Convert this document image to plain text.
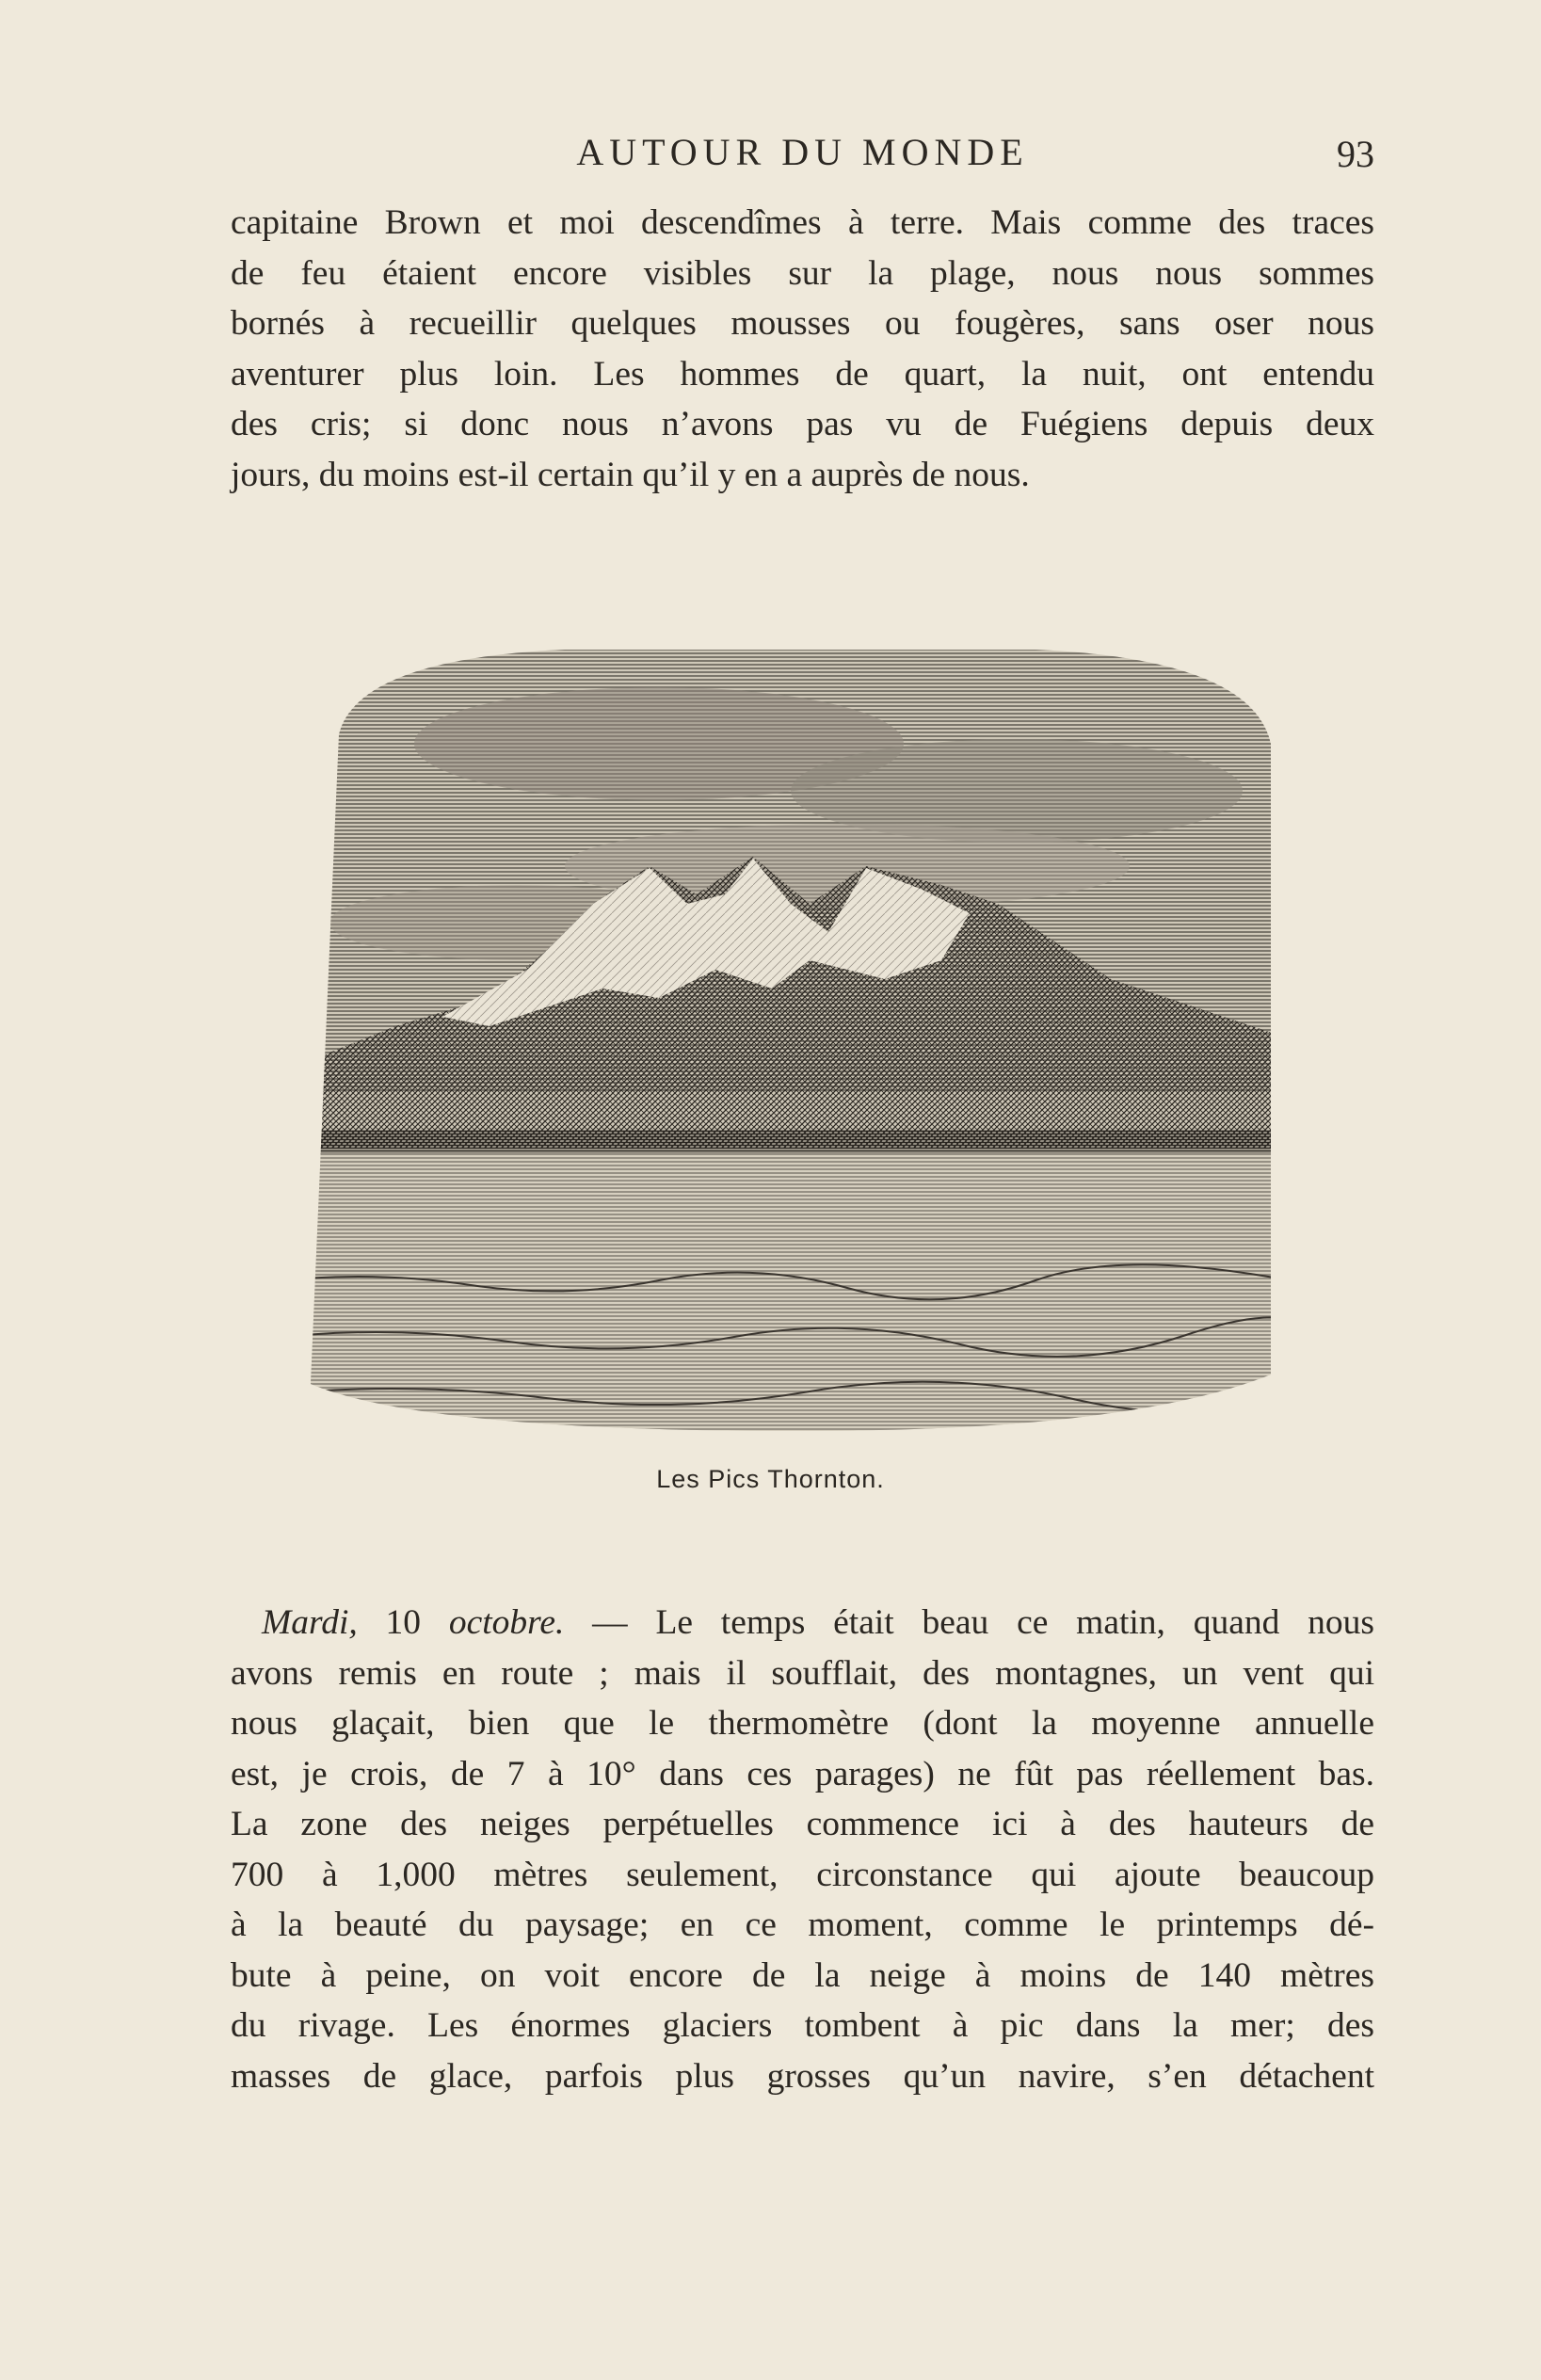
AUTOUR DU MONDE	93
capitaine Brown et moi descendîmes à terre. Mais comme des traces
de feu étaient encore visibles sur la plage, nous nous sommes
bornés à recueillir quelques mousses ou fougères, sans oser nous
aventurer plus loin. Les hommes de quart, la nuit, ont entendu
des cris; si donc nous n’avons pas vu de Fuégiens depuis deux
jours, du moins est-il certain qu’il y en a auprès de nous.
Les Pics Thornton.
Mardi, 10 octobre. — Le temps était beau ce matin, quand nous
avons remis en route ; mais il soufflait, des montagnes, un vent qui
nous glaçait, bien que le thermomètre (dont la moyenne annuelle
est, je crois, de 7 à 10° dans ces parages) ne fût pas réellement bas.
La zone des neiges perpétuelles commence ici à des hauteurs de
700 à 1,000 mètres seulement, circonstance qui ajoute beaucoup
à la beauté du paysage; en ce moment, comme le printemps dé-
bute à peine, on voit encore de la neige à moins de 140 mètres
du rivage. Les énormes glaciers tombent à pic dans la mer; des
masses de glace, parfois plus grosses qu’un navire, s’en détachent
